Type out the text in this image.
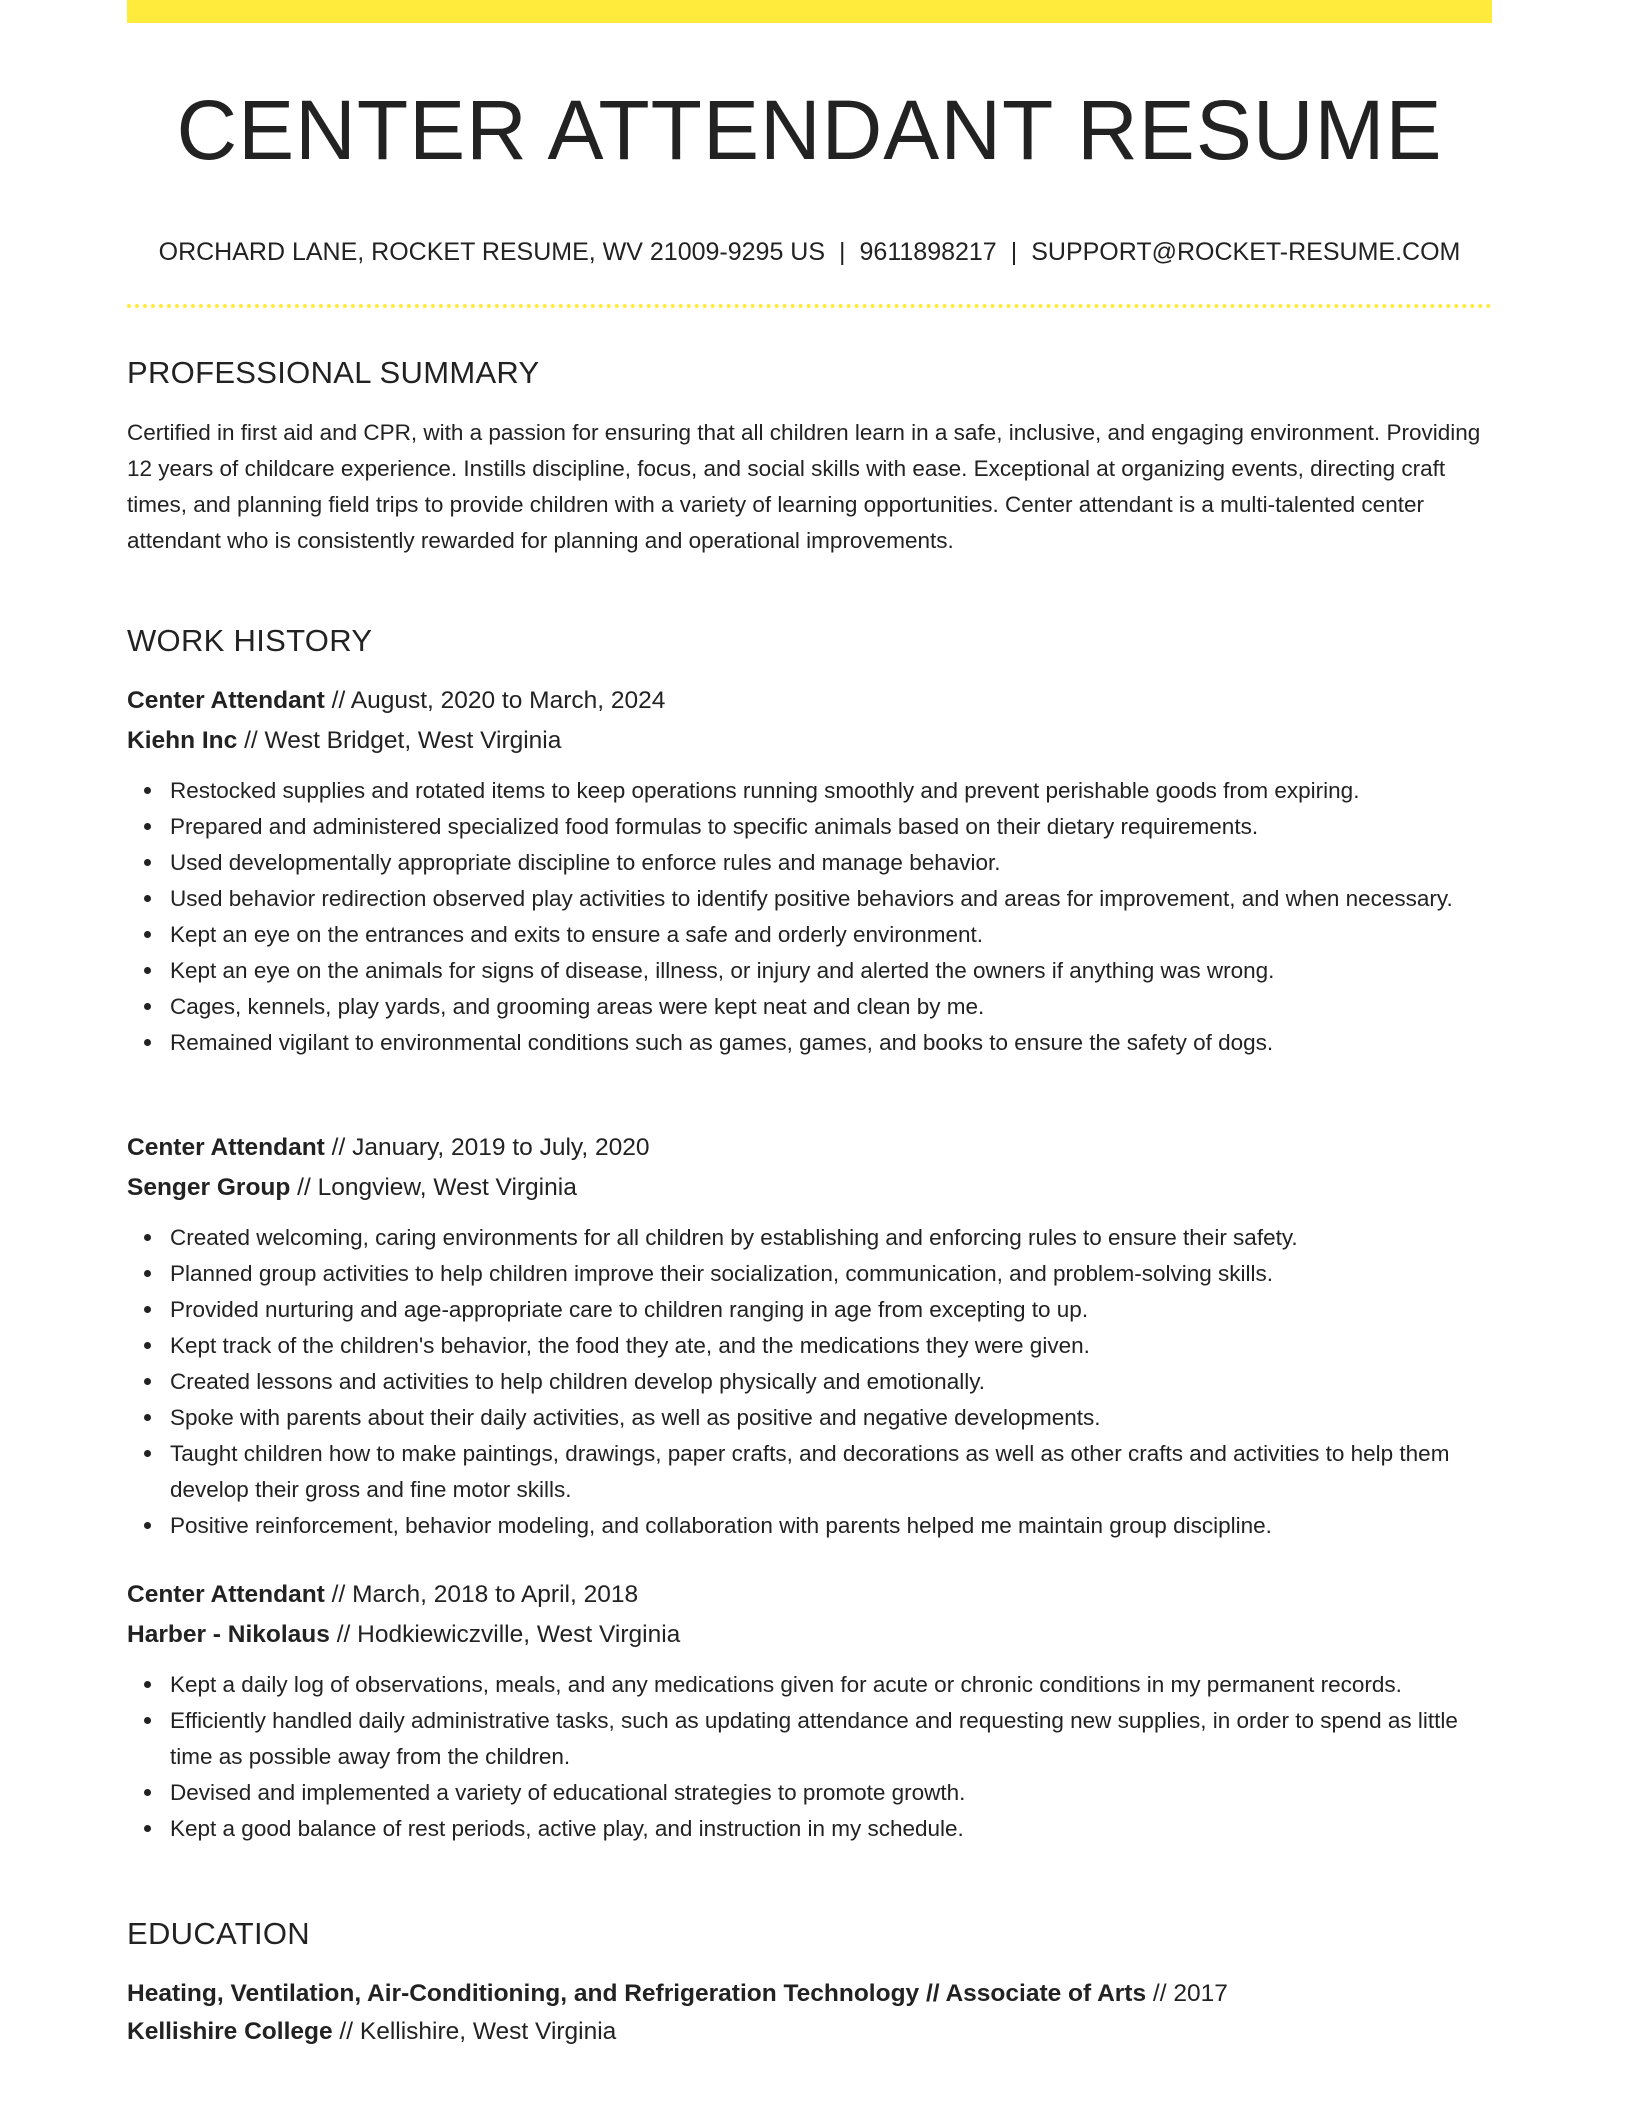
CENTER ATTENDANT RESUME
ORCHARD LANE, ROCKET RESUME, WV 21009-9295 US | 9611898217 | SUPPORT@ROCKET-RESUME.COM
PROFESSIONAL SUMMARY

Certified in first aid and CPR, with a passion for ensuring that all children learn in a safe, inclusive, and engaging environment. Providing 12 years of childcare experience. Instills discipline, focus, and social skills with ease. Exceptional at organizing events, directing craft times, and planning field trips to provide children with a variety of learning opportunities. Center attendant is a multi-talented center attendant who is consistently rewarded for planning and operational improvements.

WORK HISTORY
Center Attendant // August, 2020 to March, 2024
Kiehn Inc // West Bridget, West Virginia
Restocked supplies and rotated items to keep operations running smoothly and prevent perishable goods from expiring.
Prepared and administered specialized food formulas to specific animals based on their dietary requirements.
Used developmentally appropriate discipline to enforce rules and manage behavior.
Used behavior redirection observed play activities to identify positive behaviors and areas for improvement, and when necessary.
Kept an eye on the entrances and exits to ensure a safe and orderly environment.
Kept an eye on the animals for signs of disease, illness, or injury and alerted the owners if anything was wrong.
Cages, kennels, play yards, and grooming areas were kept neat and clean by me.
Remained vigilant to environmental conditions such as games, games, and books to ensure the safety of dogs.
Center Attendant // January, 2019 to July, 2020
Senger Group // Longview, West Virginia
Created welcoming, caring environments for all children by establishing and enforcing rules to ensure their safety.
Planned group activities to help children improve their socialization, communication, and problem-solving skills.
Provided nurturing and age-appropriate care to children ranging in age from excepting to up.
Kept track of the children's behavior, the food they ate, and the medications they were given.
Created lessons and activities to help children develop physically and emotionally.
Spoke with parents about their daily activities, as well as positive and negative developments.
Taught children how to make paintings, drawings, paper crafts, and decorations as well as other crafts and activities to help them develop their gross and fine motor skills.
Positive reinforcement, behavior modeling, and collaboration with parents helped me maintain group discipline.
Center Attendant // March, 2018 to April, 2018
Harber - Nikolaus // Hodkiewiczville, West Virginia
Kept a daily log of observations, meals, and any medications given for acute or chronic conditions in my permanent records.
Efficiently handled daily administrative tasks, such as updating attendance and requesting new supplies, in order to spend as little time as possible away from the children.
Devised and implemented a variety of educational strategies to promote growth.
Kept a good balance of rest periods, active play, and instruction in my schedule.
EDUCATION
Heating, Ventilation, Air-Conditioning, and Refrigeration Technology // Associate of Arts // 2017
Kellishire College // Kellishire, West Virginia
